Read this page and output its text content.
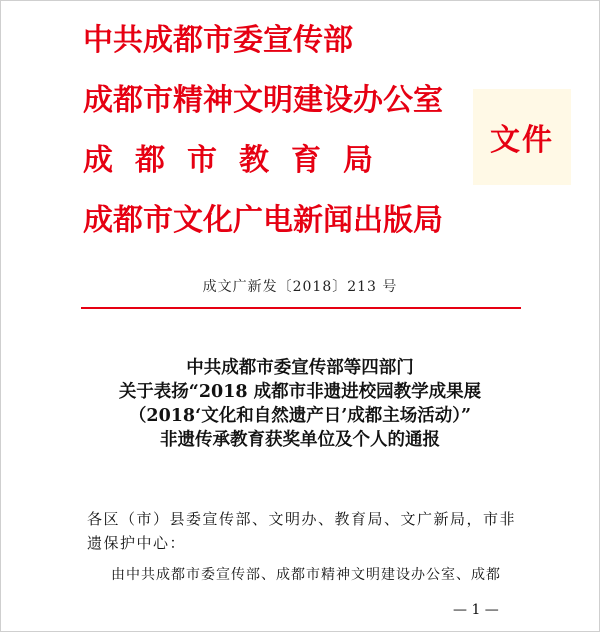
中共成都市委宣传部
成都市精神文明建设办公室
成都市教育局
成都市文化广电新闻出版局
文件
成文广新发〔2018〕213 号
中共成都市委宣传部等四部门
关于表扬“2018 成都市非遗进校园教学成果展
（2018‘文化和自然遗产日’成都主场活动）”
非遗传承教育获奖单位及个人的通报
各区（市）县委宣传部、文明办、教育局、文广新局，市非遗保护中心：
由中共成都市委宣传部、成都市精神文明建设办公室、成都
— 1 —
